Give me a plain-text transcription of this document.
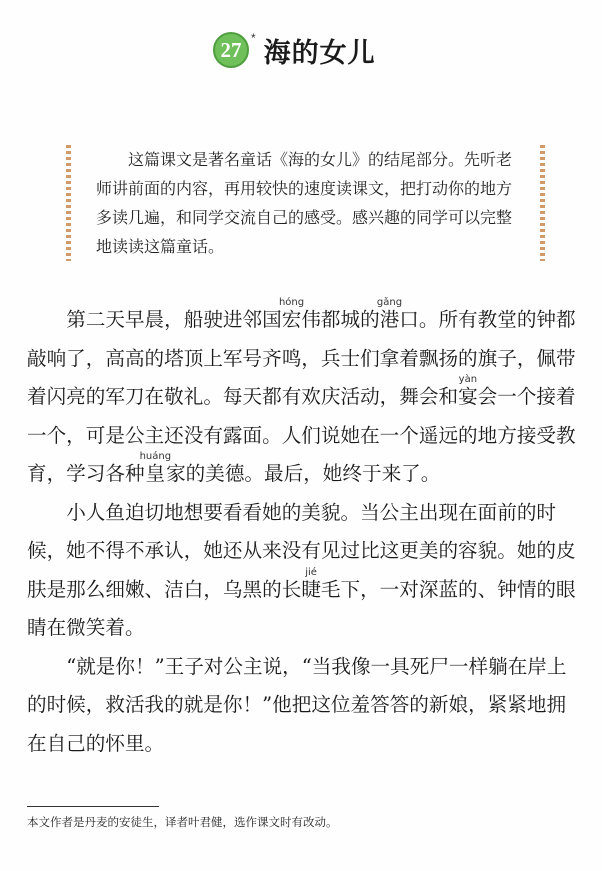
27 * 海的女儿
这篇课文是著名童话《海的女儿》的结尾部分。先听老师讲前面的内容，再用较快的速度读课文，把打动你的地方多读几遍，和同学交流自己的感受。感兴趣的同学可以完整地读读这篇童话。

第二天早晨，船驶进邻国宏hóng伟都城的港gǎng口。所有教堂的钟都敲响了，高高的塔顶上军号齐鸣，兵士们拿着飘扬的旗子，佩带着闪亮的军刀在敬礼。每天都有欢庆活动，舞会和宴yàn会一个接着一个，可是公主还没有露面。人们说她在一个遥远的地方接受教育，学习各种皇huáng家的美德。最后，她终于来了。

小人鱼迫切地想要看看她的美貌。当公主出现在面前的时候，她不得不承认，她还从来没有见过比这更美的容貌。她的皮肤是那么细嫩、洁白，乌黑的长睫jié毛下，一对深蓝的、钟情的眼睛在微笑着。

“就是你！”王子对公主说，“当我像一具死尸一样躺在岸上的时候，救活我的就是你！”他把这位羞答答的新娘，紧紧地拥在自己的怀里。

本文作者是丹麦的安徒生，译者叶君健，选作课文时有改动。
